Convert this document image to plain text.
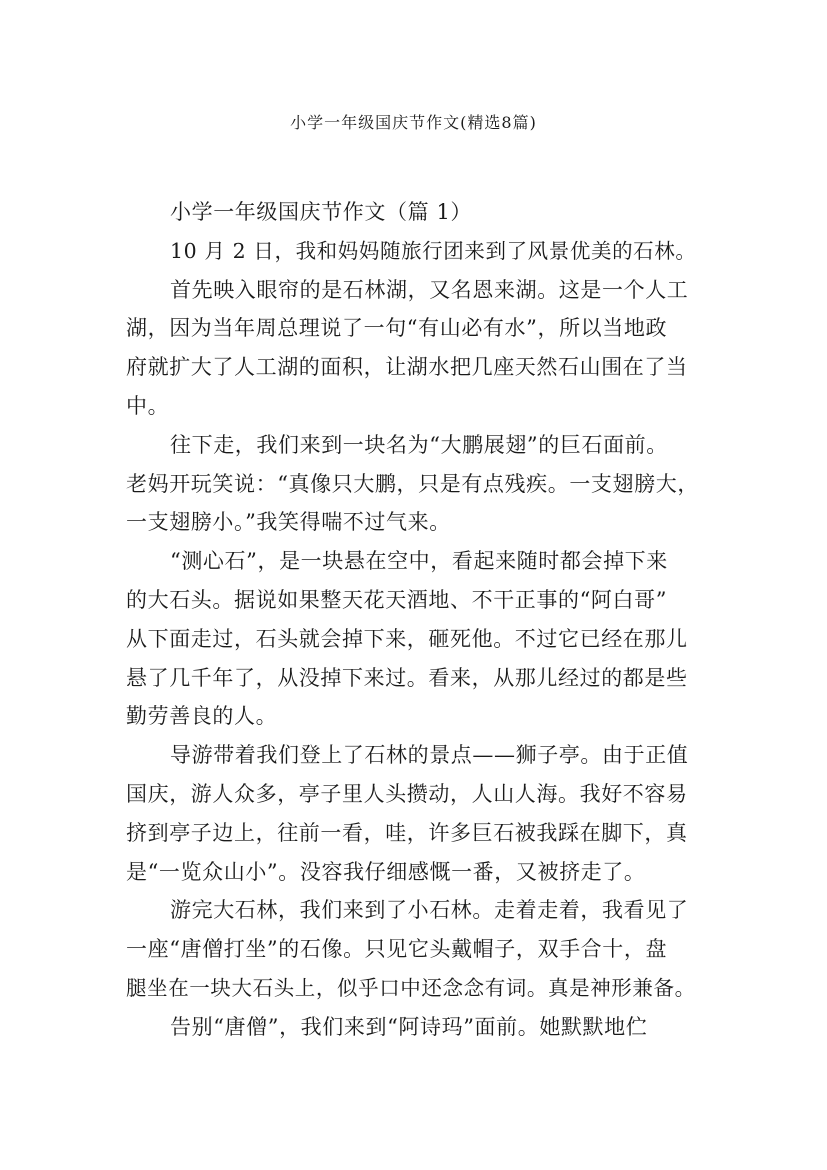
小学一年级国庆节作文(精选8篇)
小学一年级国庆节作文（篇 1）
10 月 2 日，我和妈妈随旅行团来到了风景优美的石林。
首先映入眼帘的是石林湖，又名恩来湖。这是一个人工
湖，因为当年周总理说了一句“有山必有水”，所以当地政
府就扩大了人工湖的面积，让湖水把几座天然石山围在了当
中。
往下走，我们来到一块名为“大鹏展翅”的巨石面前。
老妈开玩笑说：“真像只大鹏，只是有点残疾。一支翅膀大，
一支翅膀小。”我笑得喘不过气来。
“测心石”，是一块悬在空中，看起来随时都会掉下来
的大石头。据说如果整天花天酒地、不干正事的“阿白哥”
从下面走过，石头就会掉下来，砸死他。不过它已经在那儿
悬了几千年了，从没掉下来过。看来，从那儿经过的都是些
勤劳善良的人。
导游带着我们登上了石林的景点——狮子亭。由于正值
国庆，游人众多，亭子里人头攒动，人山人海。我好不容易
挤到亭子边上，往前一看，哇，许多巨石被我踩在脚下，真
是“一览众山小”。没容我仔细感慨一番，又被挤走了。
游完大石林，我们来到了小石林。走着走着，我看见了
一座“唐僧打坐”的石像。只见它头戴帽子，双手合十，盘
腿坐在一块大石头上，似乎口中还念念有词。真是神形兼备。
告别“唐僧”，我们来到“阿诗玛”面前。她默默地伫
